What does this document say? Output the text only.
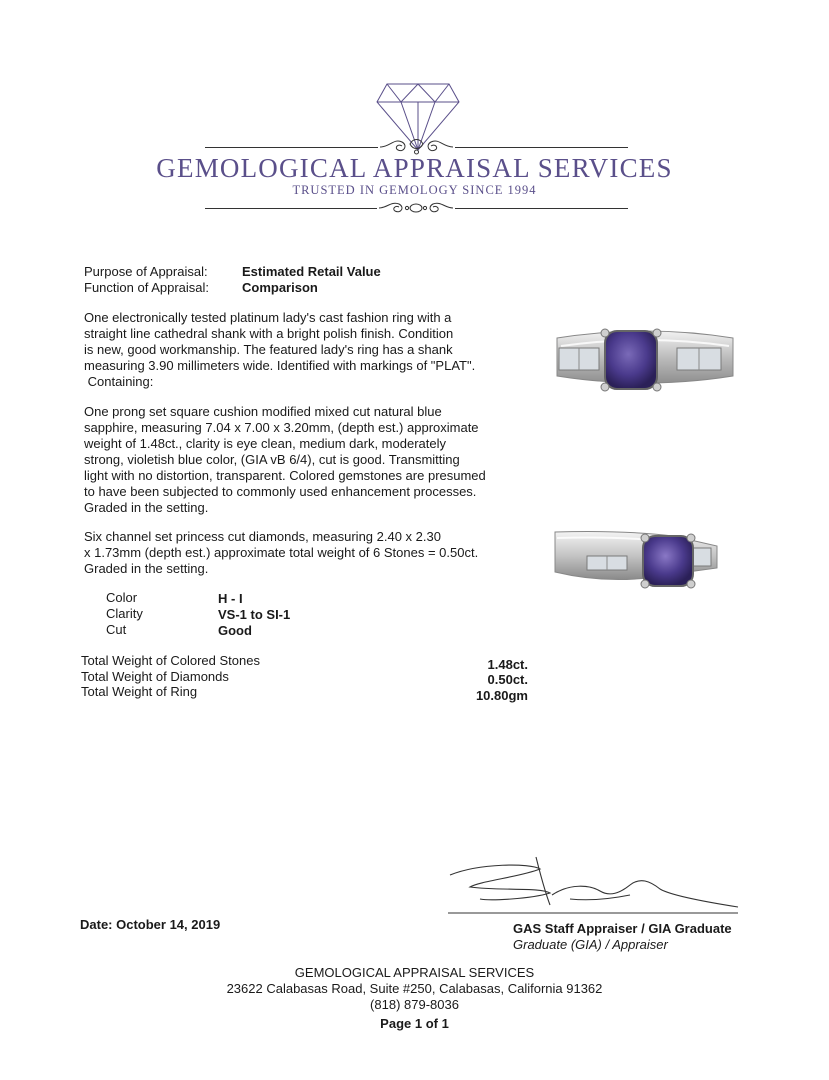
GEMOLOGICAL APPRAISAL SERVICES
TRUSTED IN GEMOLOGY SINCE 1994
Purpose of Appraisal:	Estimated Retail Value
Function of Appraisal:	Comparison
One electronically tested platinum lady's cast fashion ring with a
straight line cathedral shank with a bright polish finish. Condition
is new, good workmanship. The featured lady's ring has a shank
measuring 3.90 millimeters wide. Identified with markings of "PLAT".
Containing:
One prong set square cushion modified mixed cut natural blue
sapphire, measuring 7.04 x 7.00 x 3.20mm, (depth est.) approximate
weight of 1.48ct., clarity is eye clean, medium dark, moderately
strong, violetish blue color, (GIA vB 6/4), cut is good. Transmitting
light with no distortion, transparent. Colored gemstones are presumed
to have been subjected to commonly used enhancement processes.
Graded in the setting.
Six channel set princess cut diamonds, measuring 2.40 x 2.30
x 1.73mm (depth est.) approximate total weight of 6 Stones = 0.50ct.
Graded in the setting.
Color	H - I
Clarity	VS-1 to SI-1
Cut	Good
Total Weight of Colored Stones	1.48ct.
Total Weight of Diamonds	0.50ct.
Total Weight of Ring	10.80gm
Date: October 14, 2019	GAS Staff Appraiser / GIA Graduate
Graduate (GIA) / Appraiser
GEMOLOGICAL APPRAISAL SERVICES
23622 Calabasas Road, Suite #250, Calabasas, California 91362
(818) 879-8036
Page 1 of 1
